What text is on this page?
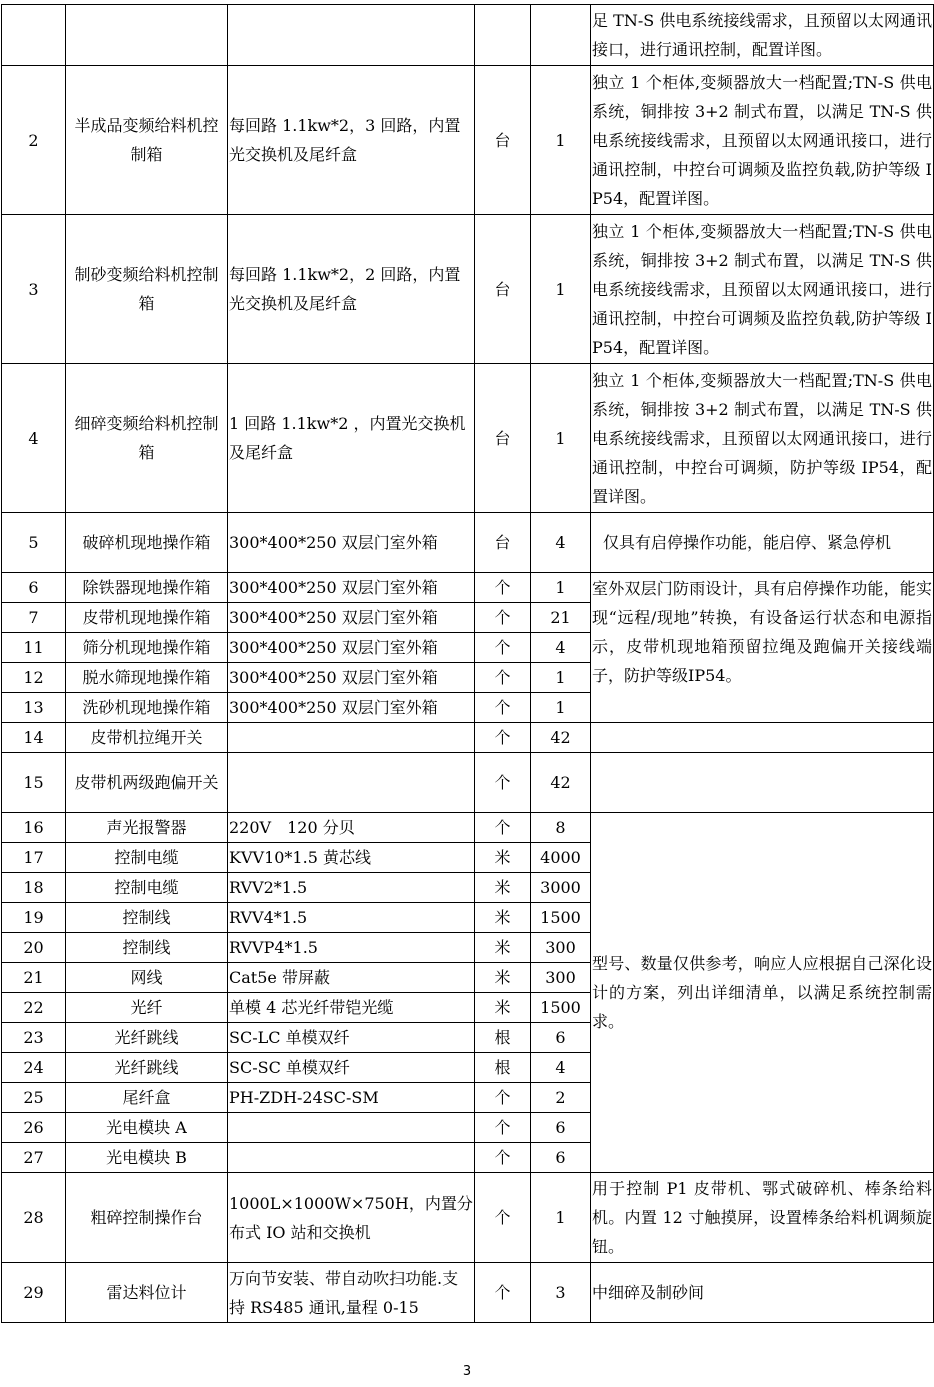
					足 TN-S 供电系统接线需求，且预留以太网通讯接口，进行通讯控制，配置详图。
2	半成品变频给料机控制箱	每回路 1.1kw*2，3 回路，内置光交换机及尾纤盒	台	1	独立 1 个柜体,变频器放大一档配置;TN-S 供电系统，铜排按 3+2 制式布置，以满足 TN-S 供电系统接线需求，且预留以太网通讯接口，进行通讯控制，中控台可调频及监控负载,防护等级 IP54，配置详图。
3	制砂变频给料机控制箱	每回路 1.1kw*2，2 回路，内置光交换机及尾纤盒	台	1	独立 1 个柜体,变频器放大一档配置;TN-S 供电系统，铜排按 3+2 制式布置，以满足 TN-S 供电系统接线需求，且预留以太网通讯接口，进行通讯控制，中控台可调频及监控负载,防护等级 IP54，配置详图。
4	细碎变频给料机控制箱	1 回路 1.1kw*2 ，内置光交换机及尾纤盒	台	1	独立 1 个柜体,变频器放大一档配置;TN-S 供电系统，铜排按 3+2 制式布置，以满足 TN-S 供电系统接线需求，且预留以太网通讯接口，进行通讯控制，中控台可调频，防护等级 IP54，配置详图。
5	破碎机现地操作箱	300*400*250 双层门室外箱	台	4	仅具有启停操作功能，能启停、紧急停机
6	除铁器现地操作箱	300*400*250 双层门室外箱	个	1	室外双层门防雨设计，具有启停操作功能，能实现“远程/现地”转换，有设备运行状态和电源指示，皮带机现地箱预留拉绳及跑偏开关接线端子，防护等级IP54。
7	皮带机现地操作箱	300*400*250 双层门室外箱	个	21	
11	筛分机现地操作箱	300*400*250 双层门室外箱	个	4	
12	脱水筛现地操作箱	300*400*250 双层门室外箱	个	1	
13	洗砂机现地操作箱	300*400*250 双层门室外箱	个	1	
14	皮带机拉绳开关		个	42	
15	皮带机两级跑偏开关		个	42	
16	声光报警器	220V　120 分贝	个	8	型号、数量仅供参考，响应人应根据自己深化设计的方案，列出详细清单，以满足系统控制需求。
17	控制电缆	KVV10*1.5 黄芯线	米	4000	
18	控制电缆	RVV2*1.5	米	3000	
19	控制线	RVV4*1.5	米	1500	
20	控制线	RVVP4*1.5	米	300	
21	网线	Cat5e 带屏蔽	米	300	
22	光纤	单模 4 芯光纤带铠光缆	米	1500	
23	光纤跳线	SC-LC 单模双纤	根	6	
24	光纤跳线	SC-SC 单模双纤	根	4	
25	尾纤盒	PH-ZDH-24SC-SM	个	2	
26	光电模块 A		个	6	
27	光电模块 B		个	6	
28	粗碎控制操作台	1000L×1000W×750H，内置分布式 IO 站和交换机	个	1	用于控制 P1 皮带机、鄂式破碎机、棒条给料机。内置 12 寸触摸屏，设置棒条给料机调频旋钮。
29	雷达料位计	万向节安装、带自动吹扫功能.支持 RS485 通讯,量程 0-15	个	3	中细碎及制砂间
3
